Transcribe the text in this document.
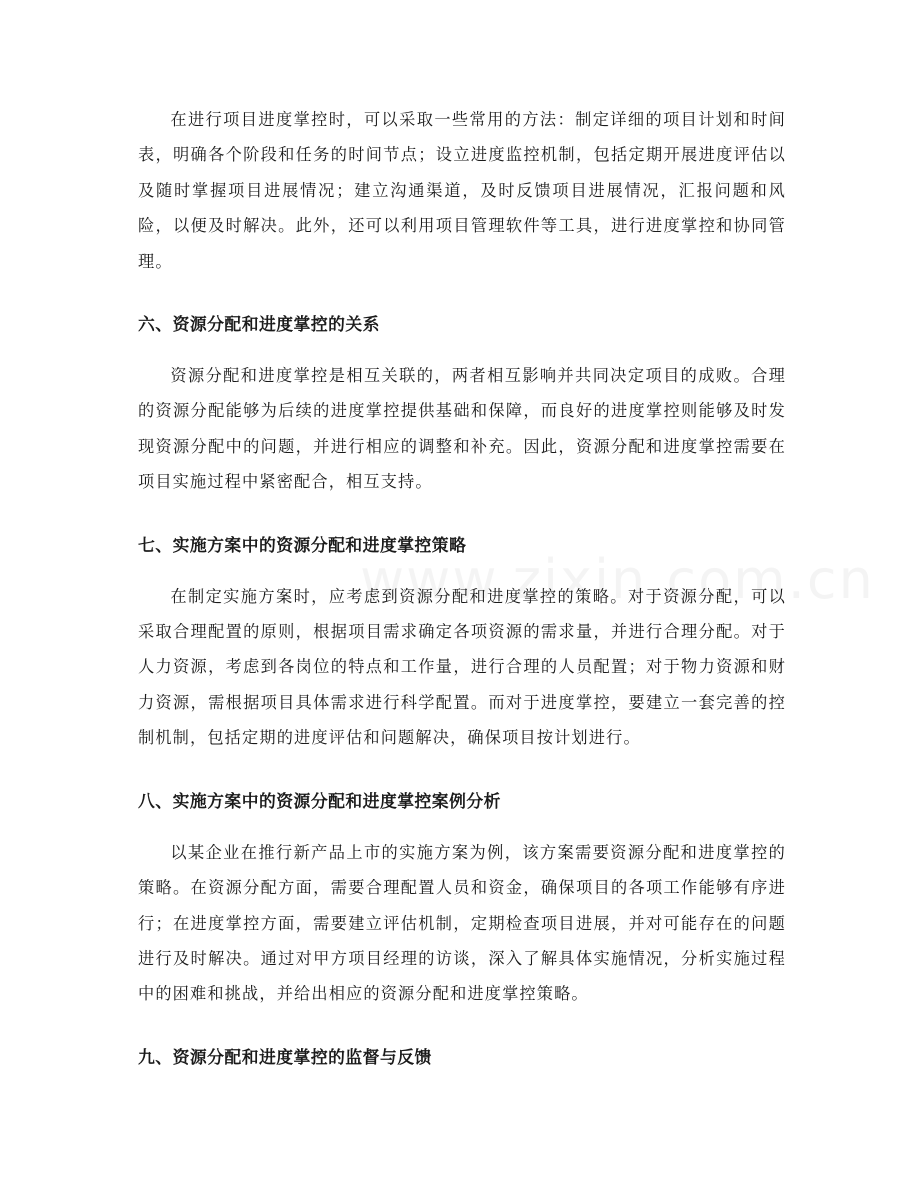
在进行项目进度掌控时，可以采取一些常用的方法：制定详细的项目计划和时间表，明确各个阶段和任务的时间节点；设立进度监控机制，包括定期开展进度评估以及随时掌握项目进展情况；建立沟通渠道，及时反馈项目进展情况，汇报问题和风险，以便及时解决。此外，还可以利用项目管理软件等工具，进行进度掌控和协同管理。

六、资源分配和进度掌控的关系

资源分配和进度掌控是相互关联的，两者相互影响并共同决定项目的成败。合理的资源分配能够为后续的进度掌控提供基础和保障，而良好的进度掌控则能够及时发现资源分配中的问题，并进行相应的调整和补充。因此，资源分配和进度掌控需要在项目实施过程中紧密配合，相互支持。

七、实施方案中的资源分配和进度掌控策略

在制定实施方案时，应考虑到资源分配和进度掌控的策略。对于资源分配，可以采取合理配置的原则，根据项目需求确定各项资源的需求量，并进行合理分配。对于人力资源，考虑到各岗位的特点和工作量，进行合理的人员配置；对于物力资源和财力资源，需根据项目具体需求进行科学配置。而对于进度掌控，要建立一套完善的控制机制，包括定期的进度评估和问题解决，确保项目按计划进行。

八、实施方案中的资源分配和进度掌控案例分析

以某企业在推行新产品上市的实施方案为例，该方案需要资源分配和进度掌控的策略。在资源分配方面，需要合理配置人员和资金，确保项目的各项工作能够有序进行；在进度掌控方面，需要建立评估机制，定期检查项目进展，并对可能存在的问题进行及时解决。通过对甲方项目经理的访谈，深入了解具体实施情况，分析实施过程中的困难和挑战，并给出相应的资源分配和进度掌控策略。

九、资源分配和进度掌控的监督与反馈
